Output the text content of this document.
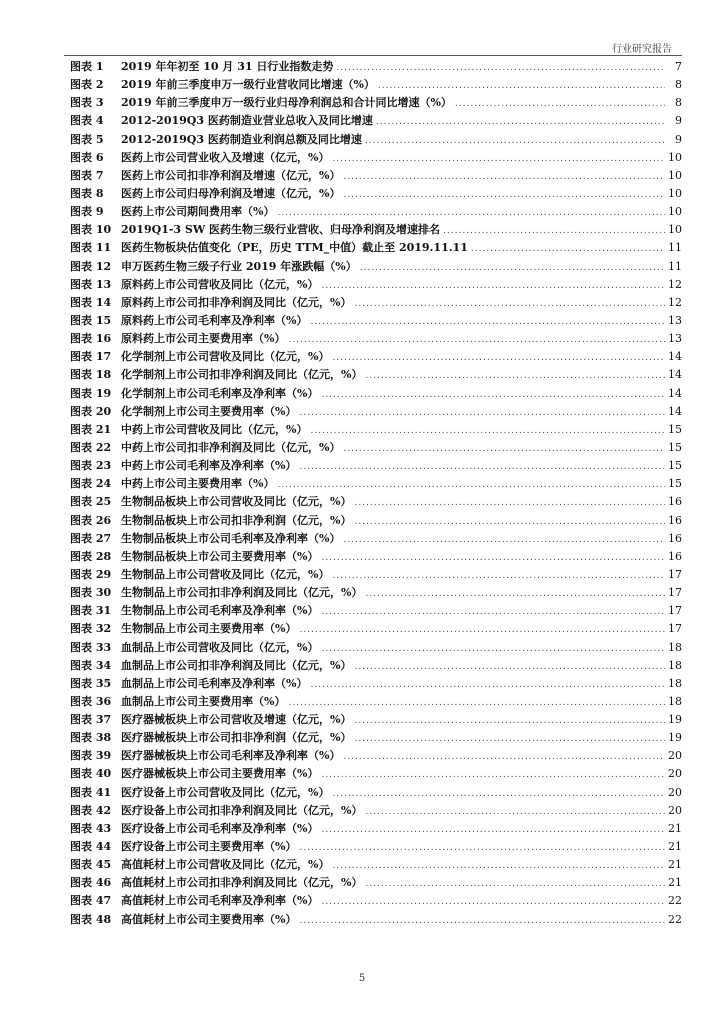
行业研究报告
图表 1	2019 年年初至 10 月 31 日行业指数走势 .....	7
图表 2	2019 年前三季度申万一级行业营收同比增速（%） .....	8
图表 3	2019 年前三季度申万一级行业归母净利润总和合计同比增速（%） .....	8
图表 4	2012-2019Q3 医药制造业营业总收入及同比增速 .....	9
图表 5	2012-2019Q3 医药制造业利润总额及同比增速 .....	9
图表 6	医药上市公司营业收入及增速（亿元，%） .....	10
图表 7	医药上市公司扣非净利润及增速（亿元，%） .....	10
图表 8	医药上市公司归母净利润及增速（亿元，%） .....	10
图表 9	医药上市公司期间费用率（%） .....	10
图表 10 2019Q1-3 SW 医药生物三级行业营收、归母净利润及增速排名 .....	10
图表 11 医药生物板块估值变化（PE，历史 TTM_中值）截止至 2019.11.11 .....	11
图表 12 申万医药生物三级子行业 2019 年涨跌幅（%） .....	11
图表 13 原料药上市公司营收及同比（亿元，%） .....	12
图表 14 原料药上市公司扣非净利润及同比（亿元，%） .....	12
图表 15 原料药上市公司毛利率及净利率（%） .....	13
图表 16 原料药上市公司主要费用率（%） .....	13
图表 17 化学制剂上市公司营收及同比（亿元，%） .....	14
图表 18 化学制剂上市公司扣非净利润及同比（亿元，%） .....	14
图表 19 化学制剂上市公司毛利率及净利率（%） .....	14
图表 20 化学制剂上市公司主要费用率（%） .....	14
图表 21 中药上市公司营收及同比（亿元，%） .....	15
图表 22 中药上市公司扣非净利润及同比（亿元，%） .....	15
图表 23 中药上市公司毛利率及净利率（%） .....	15
图表 24 中药上市公司主要费用率（%） .....	15
图表 25 生物制品板块上市公司营收及同比（亿元，%） .....	16
图表 26 生物制品板块上市公司扣非净利润（亿元，%） .....	16
图表 27 生物制品板块上市公司毛利率及净利率（%） .....	16
图表 28 生物制品板块上市公司主要费用率（%） .....	16
图表 29 生物制品上市公司营收及同比（亿元，%） .....	17
图表 30 生物制品上市公司扣非净利润及同比（亿元，%） .....	17
图表 31 生物制品上市公司毛利率及净利率（%） .....	17
图表 32 生物制品上市公司主要费用率（%） .....	17
图表 33 血制品上市公司营收及同比（亿元，%） .....	18
图表 34 血制品上市公司扣非净利润及同比（亿元，%） .....	18
图表 35 血制品上市公司毛利率及净利率（%） .....	18
图表 36 血制品上市公司主要费用率（%） .....	18
图表 37 医疗器械板块上市公司营收及增速（亿元，%） .....	19
图表 38 医疗器械板块上市公司扣非净利润（亿元，%） .....	19
图表 39 医疗器械板块上市公司毛利率及净利率（%） .....	20
图表 40 医疗器械板块上市公司主要费用率（%） .....	20
图表 41 医疗设备上市公司营收及同比（亿元，%） .....	20
图表 42 医疗设备上市公司扣非净利润及同比（亿元，%） .....	20
图表 43 医疗设备上市公司毛利率及净利率（%） .....	21
图表 44 医疗设备上市公司主要费用率（%） .....	21
图表 45 高值耗材上市公司营收及同比（亿元，%） .....	21
图表 46 高值耗材上市公司扣非净利润及同比（亿元，%） .....	21
图表 47 高值耗材上市公司毛利率及净利率（%） .....	22
图表 48 高值耗材上市公司主要费用率（%） .....	22
5
